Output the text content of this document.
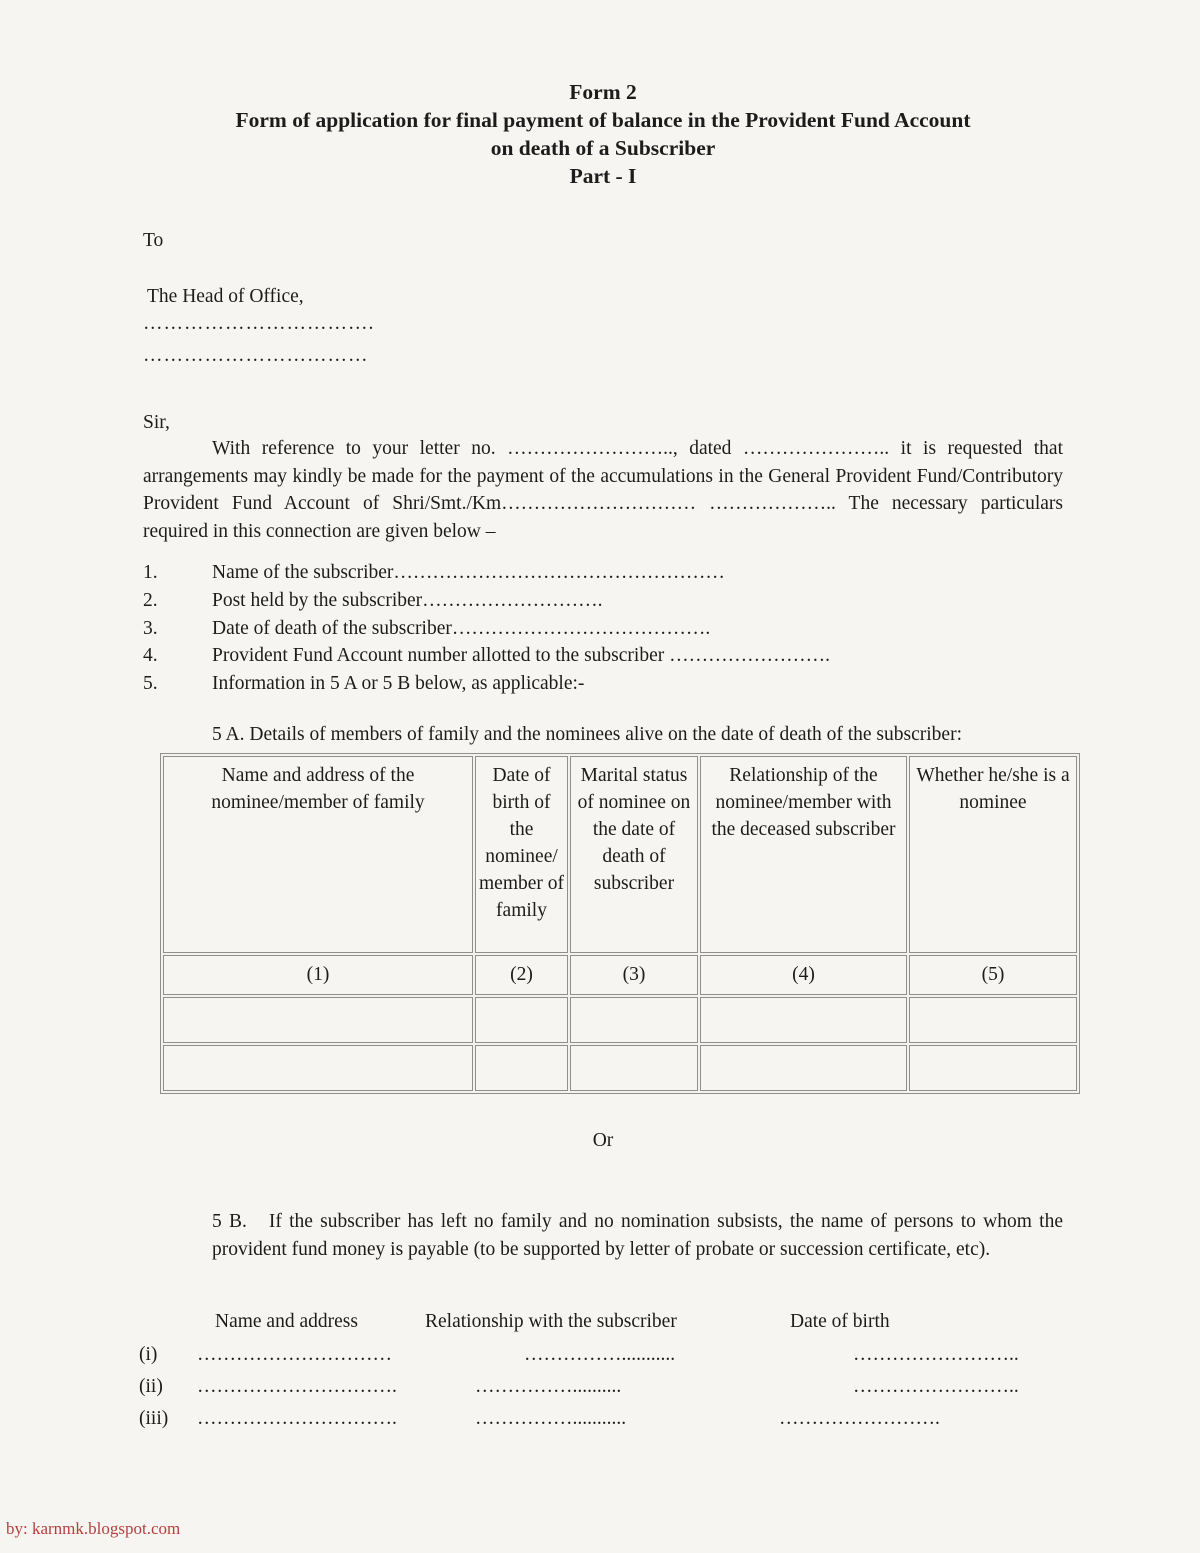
Form 2
Form of application for final payment of balance in the Provident Fund Account
on death of a Subscriber
Part - I
To
The Head of Office,
…………………………….
……………………………
Sir,
With reference to your letter no. …………………….., dated ………………….. it is requested that arrangements may kindly be made for the payment of the accumulations in the General Provident Fund/Contributory Provident Fund Account of Shri/Smt./Km………………………… ……………….. The necessary particulars required in this connection are given below –
1.	Name of the subscriber……………………………………………
2.	Post held by the subscriber……………………….
3.	Date of death of the subscriber………………………………….
4.	Provident Fund Account number allotted to the subscriber …………………….
5.	Information in 5 A or 5 B below, as applicable:-
5 A. Details of members of family and the nominees alive on the date of death of the subscriber:
Name and address of the nominee/member of family	Date of birth of the nominee/ member of family	Marital status of nominee on the date of death of subscriber	Relationship of the nominee/member with the deceased subscriber	Whether he/she is a nominee
(1)	(2)	(3)	(4)	(5)

Or
5 B. If the subscriber has left no family and no nomination subsists, the name of persons to whom the provident fund money is payable (to be supported by letter of probate or succession certificate, etc).
Name and address	Relationship with the subscriber	Date of birth
(i)	…………………………	……………...........	……………………..
(ii)	………………………….	……………..........	……………………..
(iii)	………………………….	……………...........	…………………….
by: karnmk.blogspot.com
